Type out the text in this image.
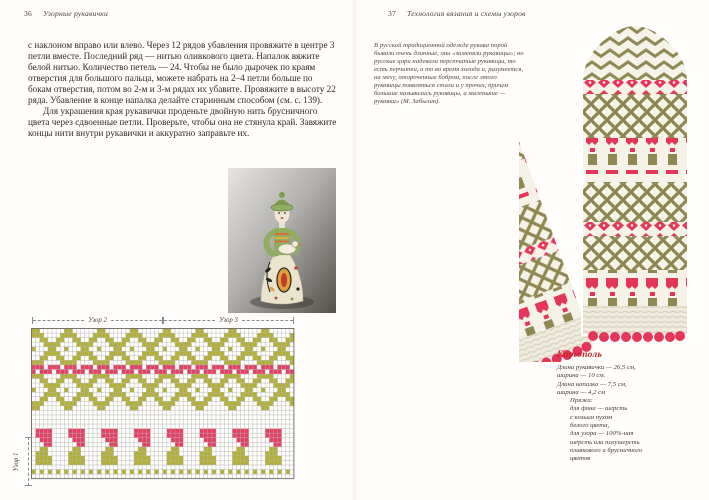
36 Узорные рукавички

с наклоном вправо или влево. Через 12 рядов убавления провяжите в центре 3 петли вместе. Последний ряд — нитью оливкового цвета. Напалок вяжите белой нитью. Количество петель — 24. Чтобы не было дырочек по краям отверстия для большого пальца, можете набрать на 2–4 петли больше по бокам отверстия, потом во 2-м и 3-м рядах их убавите. Провяжите в высоту 22 ряда. Убавление в конце напалка делайте старинным способом (см. с. 139).

Для украшения края рукавички проденьте двойную нить брусничного цвета через сдвоенные петли. Проверьте, чтобы она не стянула край. Завяжите концы нити внутри рукавички и аккуратно заправьте их.

Узор 2	Узор 3
Узор 1
37 Технология вязания и схемы узоров
В русской традиционной одежде рукава порой бывали очень длинные, они «заменяли рукавицы»; но русские цари надевали перстчатые рукавицы, то есть перчатки, а то во время холода и, разумеется, на меху, отороченные бобром, после этого рукавицы появляться стали и у прочих, причем большие назывались рукавицы, а маленькие — рукавки» (М. Забылин).
Каргополь
Длина рукавички — 26,5 см,
ширина — 10 см.
Длина напалка — 7,5 см,
ширина — 4,2 см
Пряжа:
для фона — шерсть
с козьим пухом
белого цвета,
для узора — 100%-ная
шерсть или полушерсть
оливкового и брусничного
цветов
